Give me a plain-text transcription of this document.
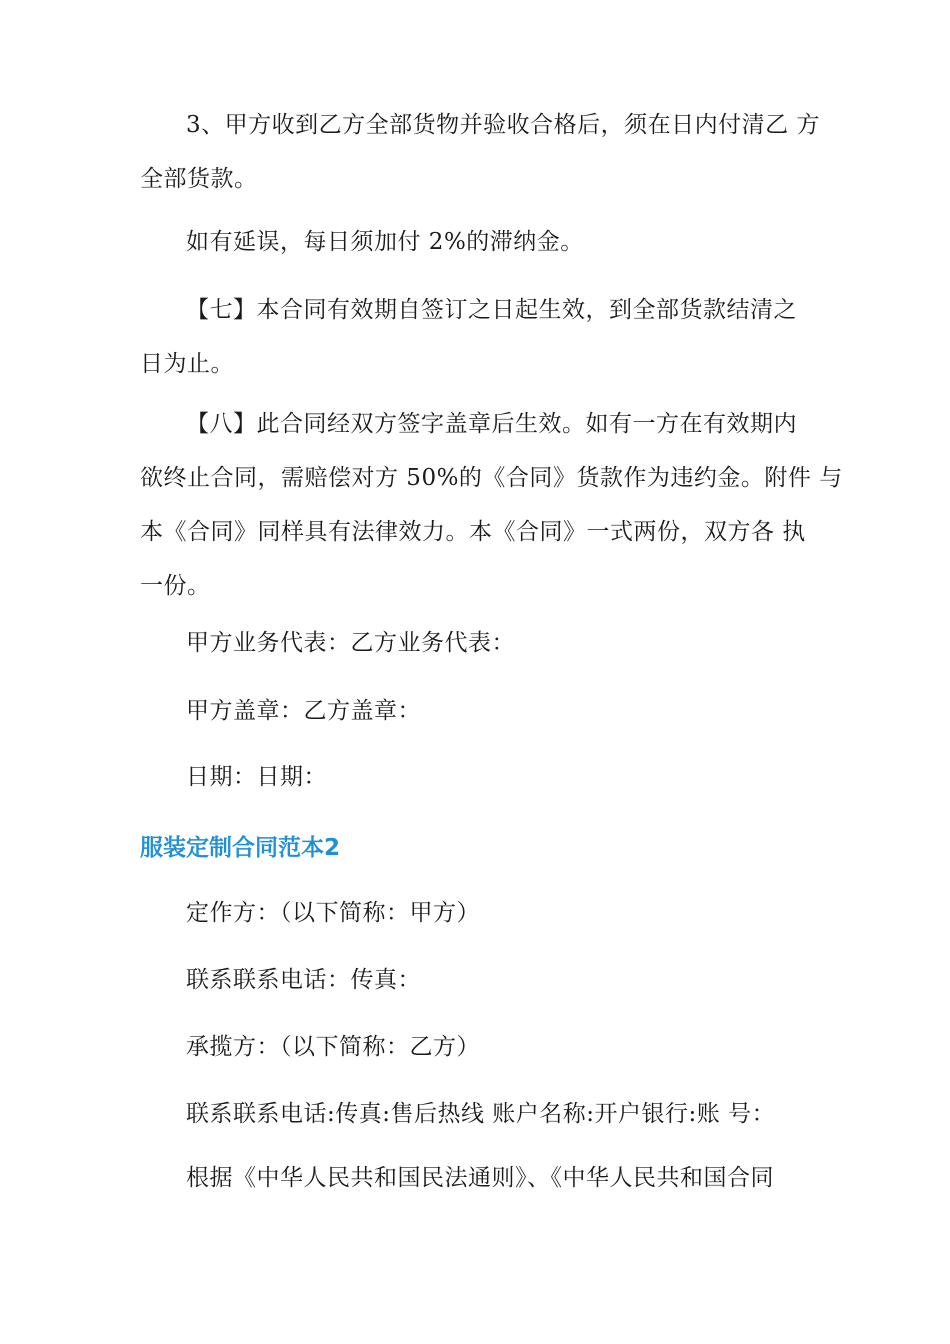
3、甲方收到乙方全部货物并验收合格后，须在日内付清乙 方
全部货款。
如有延误，每日须加付 2%的滞纳金。
【七】本合同有效期自签订之日起生效，到全部货款结清之
日为止。
【八】此合同经双方签字盖章后生效。如有一方在有效期内
欲终止合同，需赔偿对方 50%的《合同》货款作为违约金。附件 与
本《合同》同样具有法律效力。本《合同》一式两份，双方各 执
一份。
甲方业务代表：乙方业务代表：
甲方盖章：乙方盖章：
日期：日期：
服装定制合同范本2
定作方：（以下简称：甲方）
联系联系电话：传真：
承揽方：（以下简称：乙方）
联系联系电话:传真:售后热线 账户名称:开户银行:账 号：
根据《中华人民共和国民法通则》、《中华人民共和国合同
